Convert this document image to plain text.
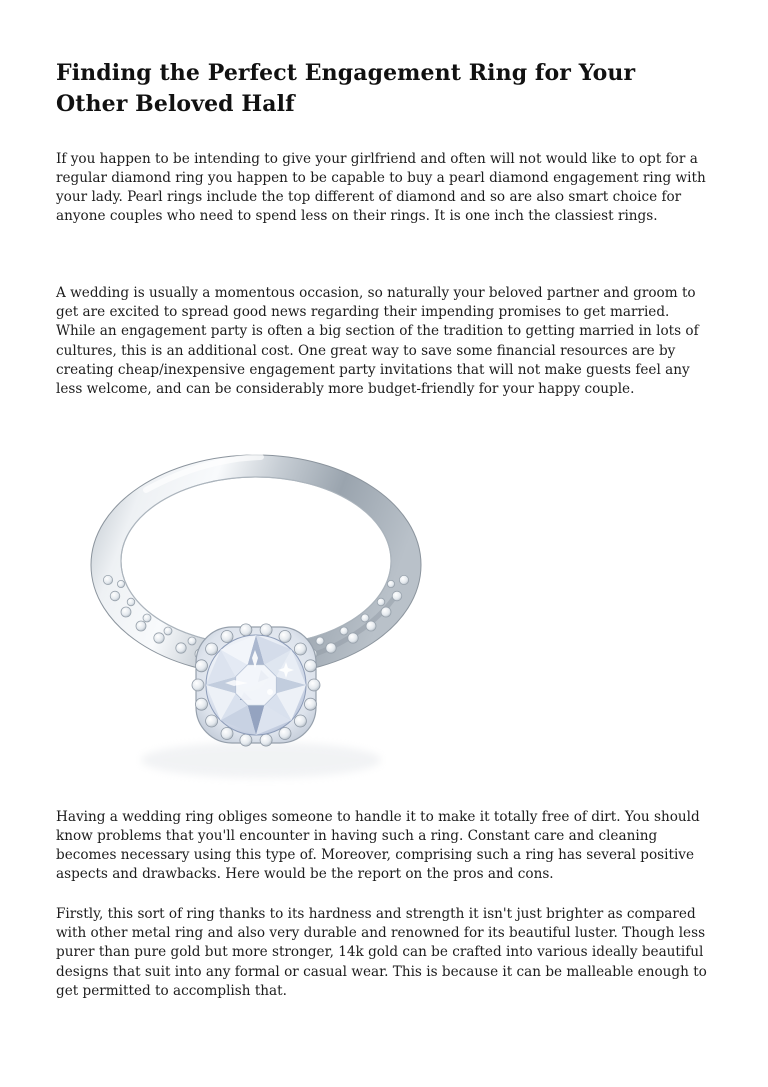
Finding the Perfect Engagement Ring for Your Other Beloved Half

If you happen to be intending to give your girlfriend and often will not would like to opt for a regular diamond ring you happen to be capable to buy a pearl diamond engagement ring with your lady. Pearl rings include the top different of diamond and so are also smart choice for anyone couples who need to spend less on their rings. It is one inch the classiest rings.

A wedding is usually a momentous occasion, so naturally your beloved partner and groom to get are excited to spread good news regarding their impending promises to get married. While an engagement party is often a big section of the tradition to getting married in lots of cultures, this is an additional cost. One great way to save some financial resources are by creating cheap/inexpensive engagement party invitations that will not make guests feel any less welcome, and can be considerably more budget-friendly for your happy couple.

Having a wedding ring obliges someone to handle it to make it totally free of dirt. You should know problems that you'll encounter in having such a ring. Constant care and cleaning becomes necessary using this type of. Moreover, comprising such a ring has several positive aspects and drawbacks. Here would be the report on the pros and cons.

Firstly, this sort of ring thanks to its hardness and strength it isn't just brighter as compared with other metal ring and also very durable and renowned for its beautiful luster. Though less purer than pure gold but more stronger, 14k gold can be crafted into various ideally beautiful designs that suit into any formal or casual wear. This is because it can be malleable enough to get permitted to accomplish that.
